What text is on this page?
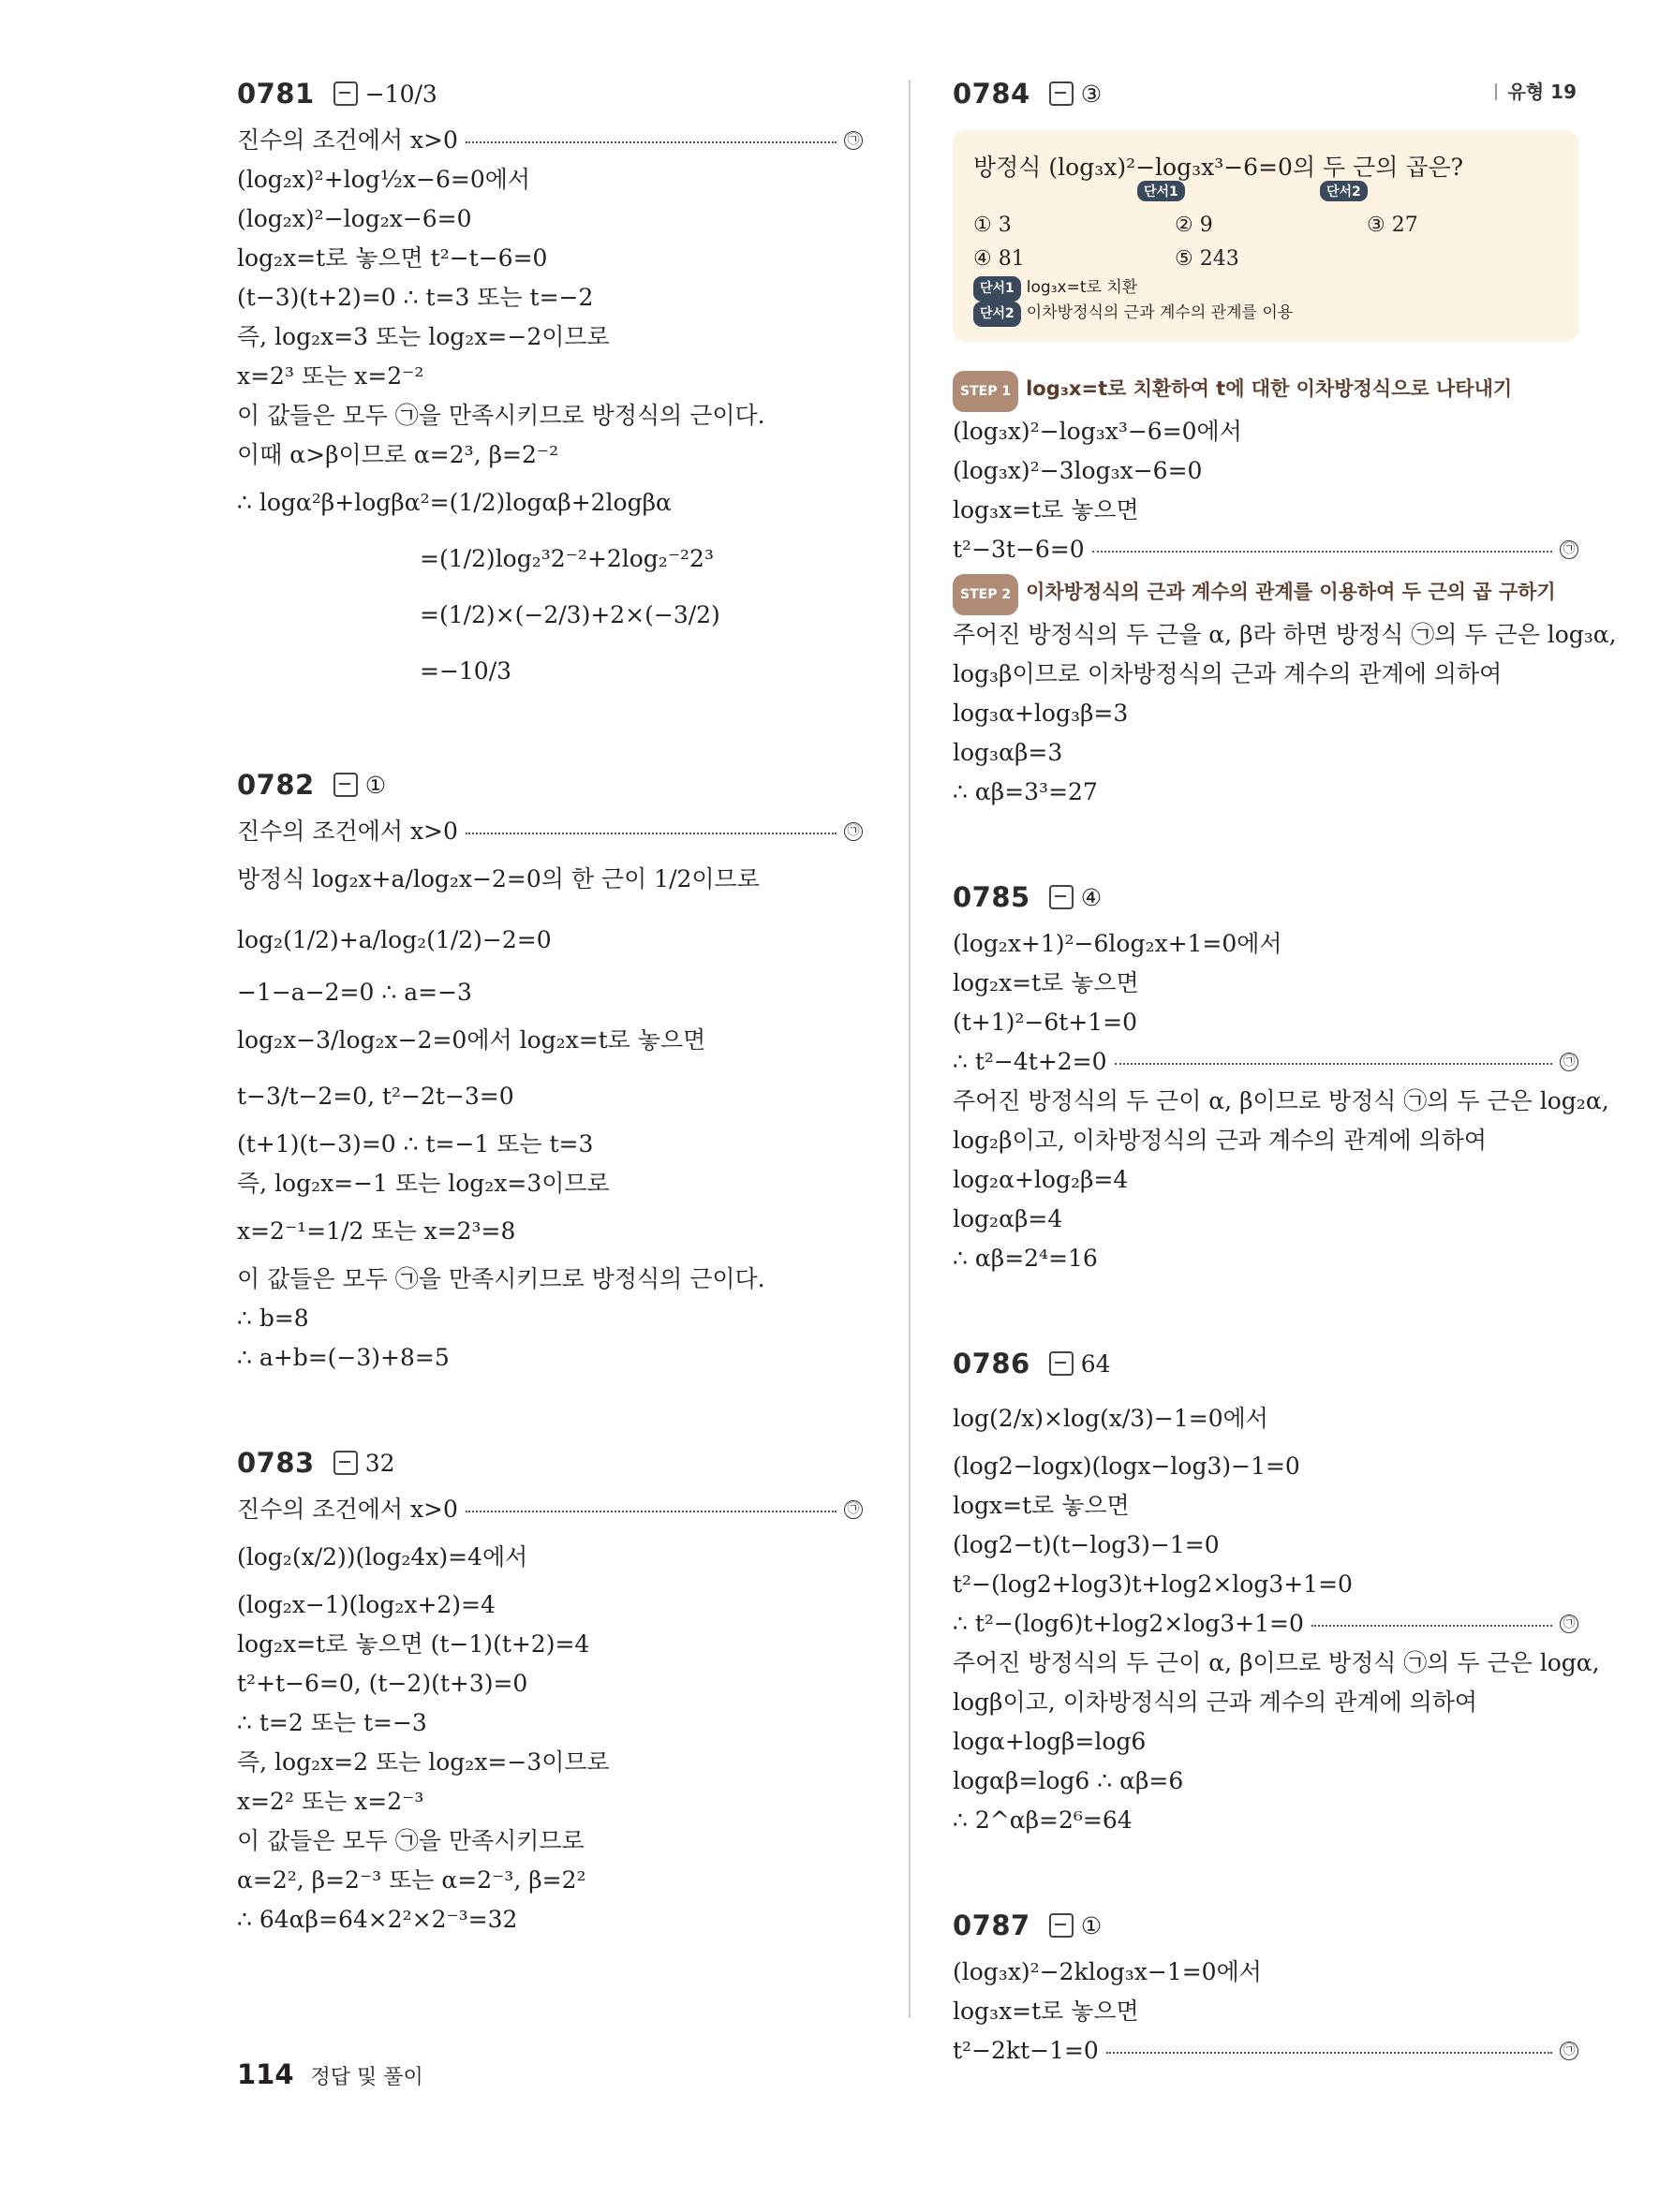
유형 19
0781 −10/3
진수의 조건에서 x>0	㉠
(log₂x)²+log½x−6=0에서
(log₂x)²−log₂x−6=0
log₂x=t로 놓으면 t²−t−6=0
(t−3)(t+2)=0 ∴ t=3 또는 t=−2
즉, log₂x=3 또는 log₂x=−2이므로
x=2³ 또는 x=2⁻²
이 값들은 모두 ㉠을 만족시키므로 방정식의 근이다.
이때 α>β이므로 α=2³, β=2⁻²
∴ logα²β+logβα²=(1/2)logαβ+2logβα
=(1/2)log₂³2⁻²+2log₂⁻²2³
=(1/2)×(−2/3)+2×(−3/2)
=−10/3
0782 ①
진수의 조건에서 x>0	㉠
방정식 log₂x+a/log₂x−2=0의 한 근이 1/2이므로
log₂(1/2)+a/log₂(1/2)−2=0
−1−a−2=0 ∴ a=−3
log₂x−3/log₂x−2=0에서 log₂x=t로 놓으면
t−3/t−2=0, t²−2t−3=0
(t+1)(t−3)=0 ∴ t=−1 또는 t=3
즉, log₂x=−1 또는 log₂x=3이므로
x=2⁻¹=1/2 또는 x=2³=8
이 값들은 모두 ㉠을 만족시키므로 방정식의 근이다.
∴ b=8
∴ a+b=(−3)+8=5
0783 32
진수의 조건에서 x>0	㉠
(log₂(x/2))(log₂4x)=4에서
(log₂x−1)(log₂x+2)=4
log₂x=t로 놓으면 (t−1)(t+2)=4
t²+t−6=0, (t−2)(t+3)=0
∴ t=2 또는 t=−3
즉, log₂x=2 또는 log₂x=−3이므로
x=2² 또는 x=2⁻³
이 값들은 모두 ㉠을 만족시키므로
α=2², β=2⁻³ 또는 α=2⁻³, β=2²
∴ 64αβ=64×2²×2⁻³=32
0784 ③
방정식 (log₃x)²−log₃x³−6=0의 두 근의 곱은?
단서1	단서2
① 3	② 9	③ 27
④ 81	⑤ 243
단서1 log₃x=t로 치환
단서2 이차방정식의 근과 계수의 관계를 이용
STEP 1 log₃x=t로 치환하여 t에 대한 이차방정식으로 나타내기
(log₃x)²−log₃x³−6=0에서
(log₃x)²−3log₃x−6=0
log₃x=t로 놓으면
t²−3t−6=0	㉠
STEP 2 이차방정식의 근과 계수의 관계를 이용하여 두 근의 곱 구하기
주어진 방정식의 두 근을 α, β라 하면 방정식 ㉠의 두 근은 log₃α,
log₃β이므로 이차방정식의 근과 계수의 관계에 의하여
log₃α+log₃β=3
log₃αβ=3
∴ αβ=3³=27
0785 ④
(log₂x+1)²−6log₂x+1=0에서
log₂x=t로 놓으면
(t+1)²−6t+1=0
∴ t²−4t+2=0	㉠
주어진 방정식의 두 근이 α, β이므로 방정식 ㉠의 두 근은 log₂α,
log₂β이고, 이차방정식의 근과 계수의 관계에 의하여
log₂α+log₂β=4
log₂αβ=4
∴ αβ=2⁴=16
0786 64
log(2/x)×log(x/3)−1=0에서
(log2−logx)(logx−log3)−1=0
logx=t로 놓으면
(log2−t)(t−log3)−1=0
t²−(log2+log3)t+log2×log3+1=0
∴ t²−(log6)t+log2×log3+1=0	㉠
주어진 방정식의 두 근이 α, β이므로 방정식 ㉠의 두 근은 logα,
logβ이고, 이차방정식의 근과 계수의 관계에 의하여
logα+logβ=log6
logαβ=log6 ∴ αβ=6
∴ 2^αβ=2⁶=64
0787 ①
(log₃x)²−2klog₃x−1=0에서
log₃x=t로 놓으면
t²−2kt−1=0	㉠
114 정답 및 풀이
